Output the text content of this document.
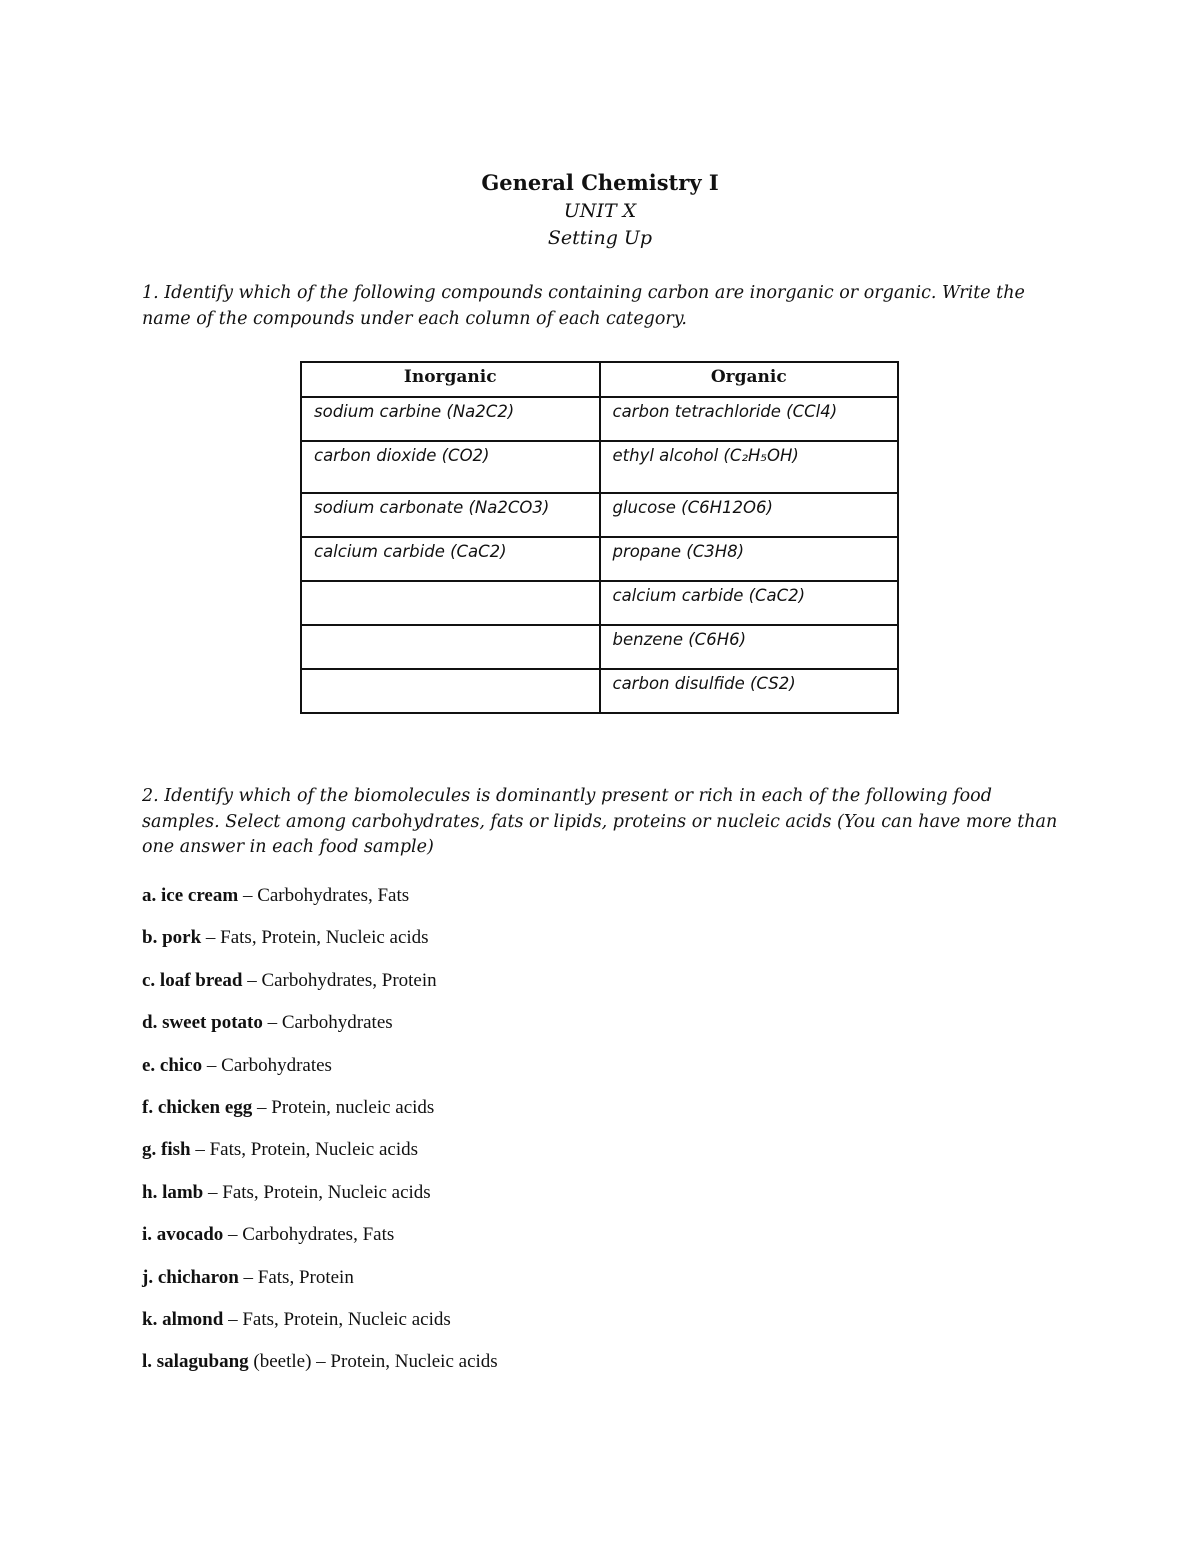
General Chemistry I
UNIT X
Setting Up
1. Identify which of the following compounds containing carbon are inorganic or organic. Write the name of the compounds under each column of each category.
Inorganic	Organic
sodium carbine (Na2C2)	carbon tetrachloride (CCl4)
carbon dioxide (CO2)	ethyl alcohol (C₂H₅OH)
sodium carbonate (Na2CO3)	glucose (C6H12O6)
calcium carbide (CaC2)	propane (C3H8)
	calcium carbide (CaC2)
	benzene (C6H6)
	carbon disulfide (CS2)
2. Identify which of the biomolecules is dominantly present or rich in each of the following food samples. Select among carbohydrates, fats or lipids, proteins or nucleic acids (You can have more than one answer in each food sample)
a. ice cream – Carbohydrates, Fats
b. pork – Fats, Protein, Nucleic acids
c. loaf bread – Carbohydrates, Protein
d. sweet potato – Carbohydrates
e. chico – Carbohydrates
f. chicken egg – Protein, nucleic acids
g. fish – Fats, Protein, Nucleic acids
h. lamb – Fats, Protein, Nucleic acids
i. avocado – Carbohydrates, Fats
j. chicharon – Fats, Protein
k. almond – Fats, Protein, Nucleic acids
l. salagubang (beetle) – Protein, Nucleic acids
